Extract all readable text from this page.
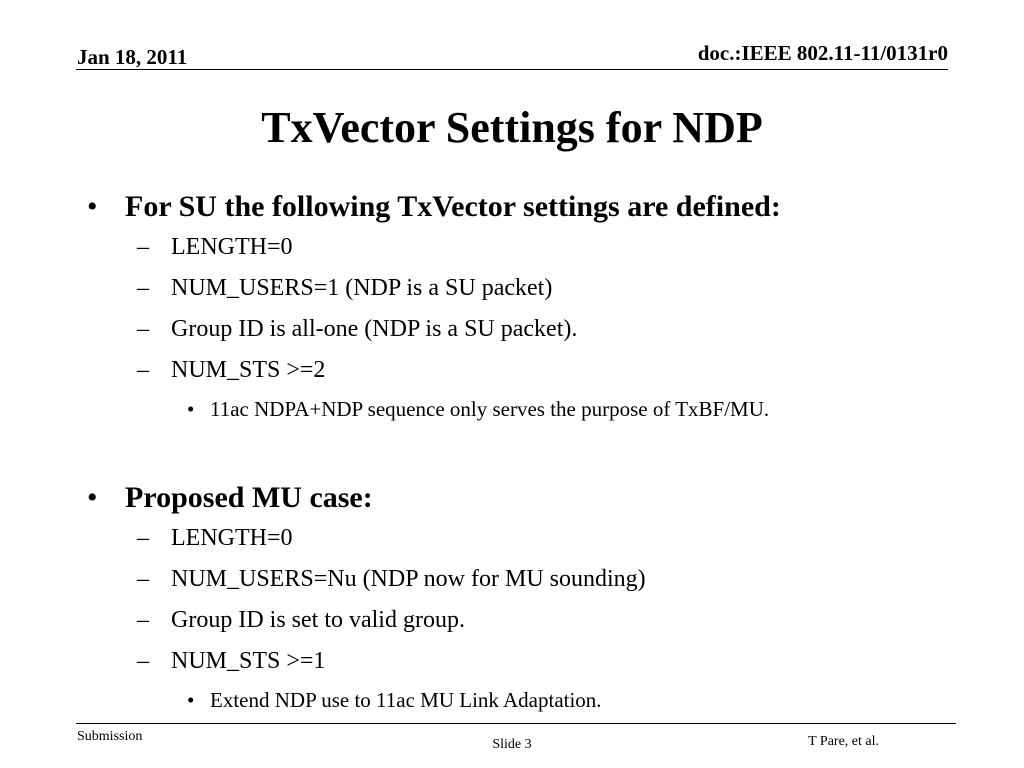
Jan 18, 2011	doc.:IEEE 802.11-11/0131r0
TxVector Settings for NDP
• For SU the following TxVector settings are defined:
– LENGTH=0
– NUM_USERS=1 (NDP is a SU packet)
– Group ID is all-one (NDP is a SU packet).
– NUM_STS >=2
• 11ac NDPA+NDP sequence only serves the purpose of TxBF/MU.
• Proposed MU case:
– LENGTH=0
– NUM_USERS=Nu (NDP now for MU sounding)
– Group ID is set to valid group.
– NUM_STS >=1
• Extend NDP use to 11ac MU Link Adaptation.
Submission
Slide 3	T Pare, et al.
